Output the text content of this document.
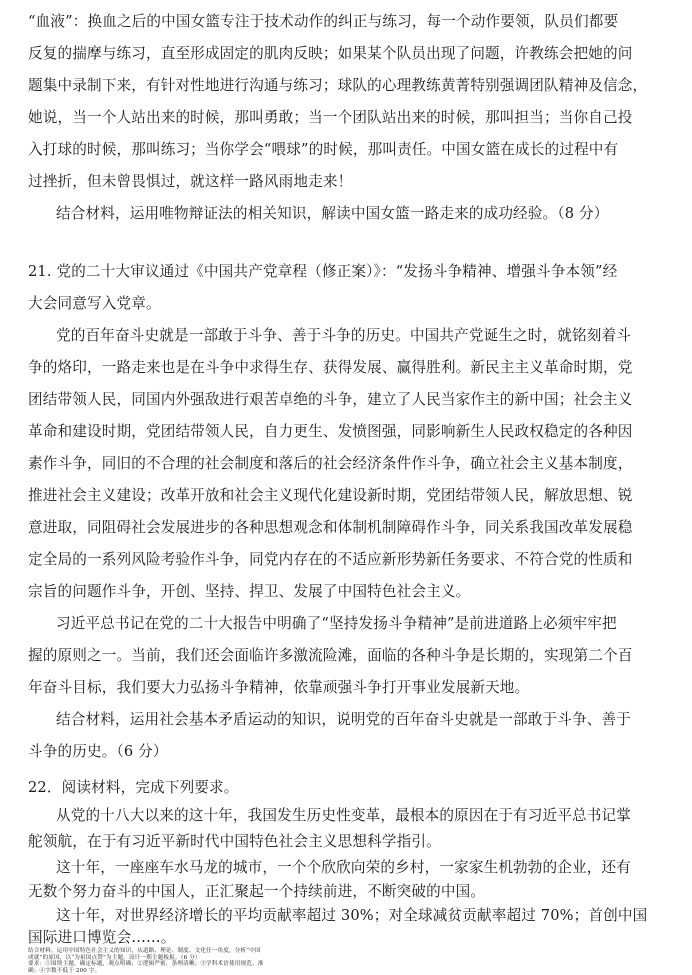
“血液”：换血之后的中国女篮专注于技术动作的纠正与练习，每一个动作要领，队员们都要
反复的揣摩与练习，直至形成固定的肌肉反映；如果某个队员出现了问题，许教练会把她的问
题集中录制下来，有针对性地进行沟通与练习；球队的心理教练黄菁特别强调团队精神及信念，
她说，当一个人站出来的时候，那叫勇敢；当一个团队站出来的时候，那叫担当；当你自己投
入打球的时候，那叫练习；当你学会“喂球”的时候，那叫责任。中国女篮在成长的过程中有
过挫折，但未曾畏惧过，就这样一路风雨地走来！
结合材料，运用唯物辩证法的相关知识，解读中国女篮一路走来的成功经验。（8 分）
21. 党的二十大审议通过《中国共产党章程（修正案）》：“发扬斗争精神、增强斗争本领”经
大会同意写入党章。
党的百年奋斗史就是一部敢于斗争、善于斗争的历史。中国共产党诞生之时，就铭刻着斗
争的烙印，一路走来也是在斗争中求得生存、获得发展、赢得胜利。新民主主义革命时期，党
团结带领人民，同国内外强敌进行艰苦卓绝的斗争，建立了人民当家作主的新中国；社会主义
革命和建设时期，党团结带领人民，自力更生、发愤图强，同影响新生人民政权稳定的各种因
素作斗争，同旧的不合理的社会制度和落后的社会经济条件作斗争，确立社会主义基本制度，
推进社会主义建设；改革开放和社会主义现代化建设新时期，党团结带领人民，解放思想、锐
意进取，同阻碍社会发展进步的各种思想观念和体制机制障碍作斗争，同关系我国改革发展稳
定全局的一系列风险考验作斗争，同党内存在的不适应新形势新任务要求、不符合党的性质和
宗旨的问题作斗争，开创、坚持、捍卫、发展了中国特色社会主义。
习近平总书记在党的二十大报告中明确了“坚持发扬斗争精神”是前进道路上必须牢牢把
握的原则之一。当前，我们还会面临许多激流险滩，面临的各种斗争是长期的，实现第二个百
年奋斗目标，我们要大力弘扬斗争精神，依靠顽强斗争打开事业发展新天地。
结合材料，运用社会基本矛盾运动的知识，说明党的百年奋斗史就是一部敢于斗争、善于
斗争的历史。（6 分）
22．阅读材料，完成下列要求。
从党的十八大以来的这十年，我国发生历史性变革，最根本的原因在于有习近平总书记掌
舵领航，在于有习近平新时代中国特色社会主义思想科学指引。
这十年，一座座车水马龙的城市，一个个欣欣向荣的乡村，一家家生机勃勃的企业，还有
无数个努力奋斗的中国人，正汇聚起一个持续前进，不断突破的中国。
这十年，对世界经济增长的平均贡献率超过 30%；对全球减贫贡献率超过 70%；首创中国
国际进口博览会……。
结合材料，运用中国特色社会主义的知识，从道路、理论、制度、文化任一角度，分析“中国
成就”的原因，以“为祖国点赞”为主题，设计一期主题板报。（6 分）
要求：①围绕主题，确定标题，观点明确；②逻辑严密，条理清晰；③学科术语使用规范、准
确；④字数不低于 200 字。
